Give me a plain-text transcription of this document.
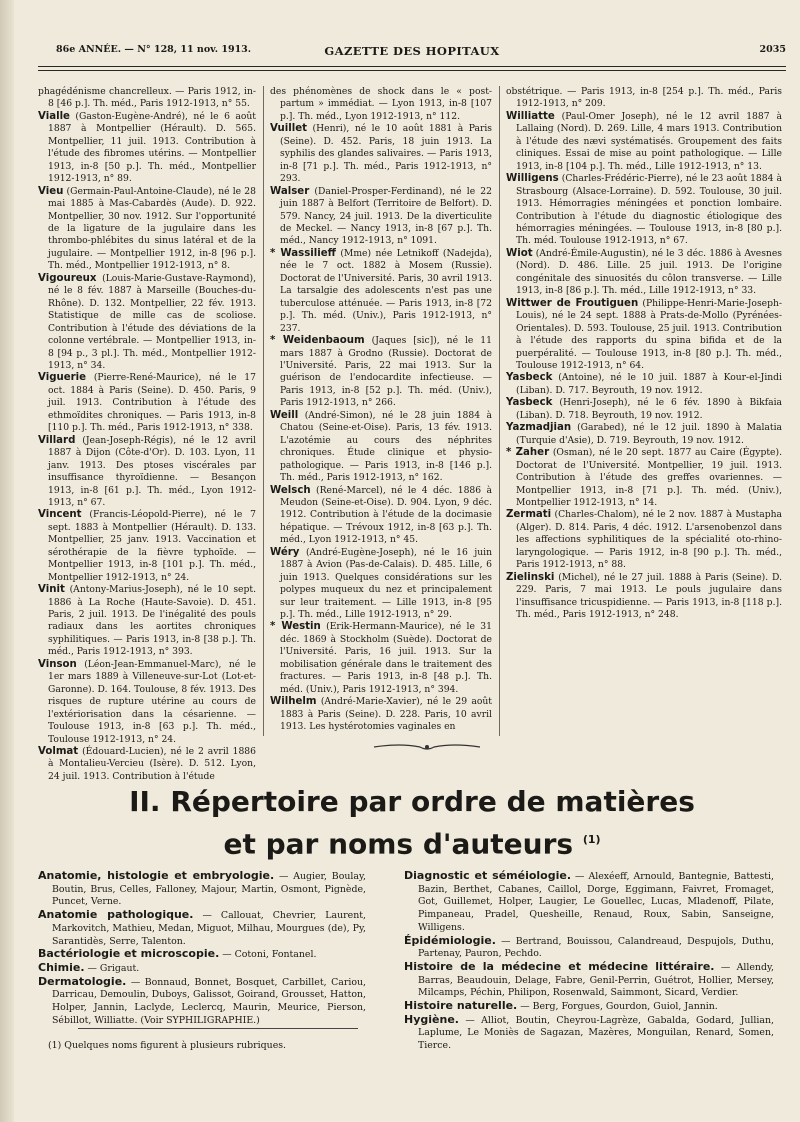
86e ANNÉE. — N° 128, 11 nov. 1913.	GAZETTE DES HOPITAUX	2035

phagédénisme chancrelleux. — Paris 1912, in-8 [46 p.]. Th. méd., Paris 1912-1913, n° 55.

Vialle (Gaston-Eugène-André), né le 6 août 1887 à Montpellier (Hérault). D. 565. Montpellier, 11 juil. 1913. Contribution à l'étude des fibromes utérins. — Montpellier 1913, in-8 [50 p.]. Th. méd., Montpellier 1912-1913, n° 89.

Vieu (Germain-Paul-Antoine-Claude), né le 28 mai 1885 à Mas-Cabardès (Aude). D. 922. Montpellier, 30 nov. 1912. Sur l'opportunité de la ligature de la jugulaire dans les thrombo-phlébites du sinus latéral et de la jugulaire. — Montpellier 1912, in-8 [96 p.]. Th. méd., Montpellier 1912-1913, n° 8.

Vigoureux (Louis-Marie-Gustave-Raymond), né le 8 fév. 1887 à Marseille (Bouches-du-Rhône). D. 132. Montpellier, 22 fév. 1913. Statistique de mille cas de scoliose. Contribution à l'étude des déviations de la colonne vertébrale. — Montpellier 1913, in-8 [94 p., 3 pl.]. Th. méd., Montpellier 1912-1913, n° 34.

Viguerie (Pierre-René-Maurice), né le 17 oct. 1884 à Paris (Seine). D. 450. Paris, 9 juil. 1913. Contribution à l'étude des ethmoïdites chroniques. — Paris 1913, in-8 [110 p.]. Th. méd., Paris 1912-1913, n° 338.

Villard (Jean-Joseph-Régis), né le 12 avril 1887 à Dijon (Côte-d'Or). D. 103. Lyon, 11 janv. 1913. Des ptoses viscérales par insuffisance thyroïdienne. — Besançon 1913, in-8 [61 p.]. Th. méd., Lyon 1912-1913, n° 67.

Vincent (Francis-Léopold-Pierre), né le 7 sept. 1883 à Montpellier (Hérault). D. 133. Montpellier, 25 janv. 1913. Vaccination et sérothérapie de la fièvre typhoïde. — Montpellier 1913, in-8 [101 p.]. Th. méd., Montpellier 1912-1913, n° 24.

Vinit (Antony-Marius-Joseph), né le 10 sept. 1886 à La Roche (Haute-Savoie). D. 451. Paris, 2 juil. 1913. De l'inégalité des pouls radiaux dans les aortites chroniques syphilitiques. — Paris 1913, in-8 [38 p.]. Th. méd., Paris 1912-1913, n° 393.

Vinson (Léon-Jean-Emmanuel-Marc), né le 1er mars 1889 à Villeneuve-sur-Lot (Lot-et-Garonne). D. 164. Toulouse, 8 fév. 1913. Des risques de rupture utérine au cours de l'extériorisation dans la césarienne. — Toulouse 1913, in-8 [63 p.]. Th. méd., Toulouse 1912-1913, n° 24.

Volmat (Édouard-Lucien), né le 2 avril 1886 à Montalieu-Vercieu (Isère). D. 512. Lyon, 24 juil. 1913. Contribution à l'étude

des phénomènes de shock dans le « post-partum » immédiat. — Lyon 1913, in-8 [107 p.]. Th. méd., Lyon 1912-1913, n° 112.

Vuillet (Henri), né le 10 août 1881 à Paris (Seine). D. 452. Paris, 18 juin 1913. La syphilis des glandes salivaires. — Paris 1913, in-8 [71 p.]. Th. méd., Paris 1912-1913, n° 293.

Walser (Daniel-Prosper-Ferdinand), né le 22 juin 1887 à Belfort (Territoire de Belfort). D. 579. Nancy, 24 juil. 1913. De la diverticulite de Meckel. — Nancy 1913, in-8 [67 p.]. Th. méd., Nancy 1912-1913, n° 1091.

* Wassilieff (Mme) née Letnikoff (Nadejda), née le 7 oct. 1882 à Mosem (Russie). Doctorat de l'Université. Paris, 30 avril 1913. La tarsalgie des adolescents n'est pas une tuberculose atténuée. — Paris 1913, in-8 [72 p.]. Th. méd. (Univ.), Paris 1912-1913, n° 237.

* Weidenbaoum (Jaques [sic]), né le 11 mars 1887 à Grodno (Russie). Doctorat de l'Université. Paris, 22 mai 1913. Sur la guérison de l'endocardite infectieuse. — Paris 1913, in-8 [52 p.]. Th. méd. (Univ.), Paris 1912-1913, n° 266.

Weill (André-Simon), né le 28 juin 1884 à Chatou (Seine-et-Oise). Paris, 13 fév. 1913. L'azotémie au cours des néphrites chroniques. Étude clinique et physio-pathologique. — Paris 1913, in-8 [146 p.]. Th. méd., Paris 1912-1913, n° 162.

Welsch (René-Marcel), né le 4 déc. 1886 à Meudon (Seine-et-Oise). D. 904. Lyon, 9 déc. 1912. Contribution à l'étude de la docimasie hépatique. — Trévoux 1912, in-8 [63 p.]. Th. méd., Lyon 1912-1913, n° 45.

Wéry (André-Eugène-Joseph), né le 16 juin 1887 à Avion (Pas-de-Calais). D. 485. Lille, 6 juin 1913. Quelques considérations sur les polypes muqueux du nez et principalement sur leur traitement. — Lille 1913, in-8 [95 p.]. Th. méd., Lille 1912-1913, n° 29.

* Westin (Erik-Hermann-Maurice), né le 31 déc. 1869 à Stockholm (Suède). Doctorat de l'Université. Paris, 16 juil. 1913. Sur la mobilisation générale dans le traitement des fractures. — Paris 1913, in-8 [48 p.]. Th. méd. (Univ.), Paris 1912-1913, n° 394.

Wilhelm (André-Marie-Xavier), né le 29 août 1883 à Paris (Seine). D. 228. Paris, 10 avril 1913. Les hystérotomies vaginales en

obstétrique. — Paris 1913, in-8 [254 p.]. Th. méd., Paris 1912-1913, n° 209.

Williatte (Paul-Omer Joseph), né le 12 avril 1887 à Lallaing (Nord). D. 269. Lille, 4 mars 1913. Contribution à l'étude des nævi systématisés. Groupement des faits cliniques. Essai de mise au point pathologique. — Lille 1913, in-8 [104 p.]. Th. méd., Lille 1912-1913, n° 13.

Willigens (Charles-Frédéric-Pierre), né le 23 août 1884 à Strasbourg (Alsace-Lorraine). D. 592. Toulouse, 30 juil. 1913. Hémorragies méningées et ponction lombaire. Contribution à l'étude du diagnostic étiologique des hémorragies méningées. — Toulouse 1913, in-8 [80 p.]. Th. méd. Toulouse 1912-1913, n° 67.

Wiot (André-Émile-Augustin), né le 3 déc. 1886 à Avesnes (Nord). D. 486. Lille. 25 juil. 1913. De l'origine congénitale des sinuosités du côlon transverse. — Lille 1913, in-8 [86 p.]. Th. méd., Lille 1912-1913, n° 33.

Wittwer de Froutiguen (Philippe-Henri-Marie-Joseph-Louis), né le 24 sept. 1888 à Prats-de-Mollo (Pyrénées-Orientales). D. 593. Toulouse, 25 juil. 1913. Contribution à l'étude des rapports du spina bifida et de la puerpéralité. — Toulouse 1913, in-8 [80 p.]. Th. méd., Toulouse 1912-1913, n° 64.

Yasbeck (Antoine), né le 10 juil. 1887 à Kour-el-Jindi (Liban). D. 717. Beyrouth, 19 nov. 1912.

Yasbeck (Henri-Joseph), né le 6 fév. 1890 à Bikfaia (Liban). D. 718. Beyrouth, 19 nov. 1912.

Yazmadjian (Garabed), né le 12 juil. 1890 à Malatia (Turquie d'Asie), D. 719. Beyrouth, 19 nov. 1912.

* Zaher (Osman), né le 20 sept. 1877 au Caire (Égypte). Doctorat de l'Université. Montpellier, 19 juil. 1913. Contribution à l'étude des greffes ovariennes. — Montpellier 1913, in-8 [71 p.]. Th. méd. (Univ.), Montpellier 1912-1913, n° 14.

Zermati (Charles-Chalom), né le 2 nov. 1887 à Mustapha (Alger). D. 814. Paris, 4 déc. 1912. L'arsenobenzol dans les affections syphilitiques de la spécialité oto-rhino-laryngologique. — Paris 1912, in-8 [90 p.]. Th. méd., Paris 1912-1913, n° 88.

Zielinski (Michel), né le 27 juil. 1888 à Paris (Seine). D. 229. Paris, 7 mai 1913. Le pouls jugulaire dans l'insuffisance tricuspidienne. — Paris 1913, in-8 [118 p.]. Th. méd., Paris 1912-1913, n° 248.

II. Répertoire par ordre de matières
et par noms d'auteurs $^{(1)}$

Anatomie, histologie et embryologie. — Augier, Boulay, Boutin, Brus, Celles, Falloney, Majour, Martin, Osmont, Pignède, Puncet, Verne.

Anatomie pathologique. — Callouat, Chevrier, Laurent, Markovitch, Mathieu, Medan, Miguot, Milhau, Mourgues (de), Py, Sarantidès, Serre, Talenton.

Bactériologie et microscopie. — Cotoni, Fontanel.

Chimie. — Grigaut.

Dermatologie. — Bonnaud, Bonnet, Bosquet, Carbillet, Cariou, Darricau, Demoulin, Duboys, Galissot, Goirand, Grousset, Hatton, Holper, Jannin, Laclyde, Leclercq, Maurin, Meurice, Pierson, Sébillot, Williatte. (Voir SYPHILIGRAPHIE.)

Diagnostic et séméiologie. — Alexéeff, Arnould, Bantegnie, Battesti, Bazin, Berthet, Cabanes, Caillol, Dorge, Eggimann, Faivret, Fromaget, Got, Guillemet, Holper, Laugier, Le Gouellec, Lucas, Mladenoff, Pilate, Pimpaneau, Pradel, Quesheille, Renaud, Roux, Sabin, Sanseigne, Willigens.

Épidémiologie. — Bertrand, Bouissou, Calandreaud, Despujols, Duthu, Partenay, Pauron, Pechdo.

Histoire de la médecine et médecine littéraire. — Allendy, Barras, Beaudouin, Delage, Fabre, Genil-Perrin, Guétrot, Hollier, Mersey, Milcamps, Péchin, Philipon, Rosenwald, Saimmont, Sicard, Verdier.

Histoire naturelle. — Berg, Forgues, Gourdon, Guiol, Jannin.

Hygiène. — Alliot, Boutin, Cheyrou-Lagrèze, Gabalda, Godard, Jullian, Laplume, Le Moniès de Sagazan, Mazères, Monguilan, Renard, Somen, Tierce.

(1) Quelques noms figurent à plusieurs rubriques.
